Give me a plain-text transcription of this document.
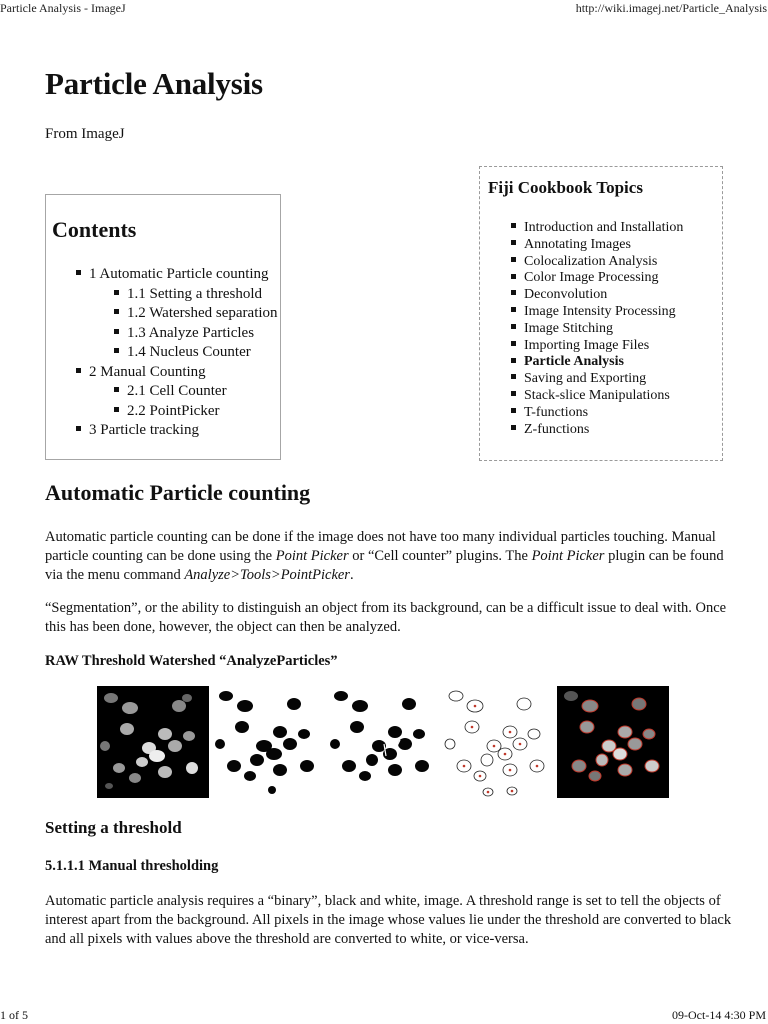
Particle Analysis - ImageJ	http://wiki.imagej.net/Particle_Analysis
Particle Analysis
From ImageJ
Contents
1 Automatic Particle counting
1.1 Setting a threshold
1.2 Watershed separation
1.3 Analyze Particles
1.4 Nucleus Counter
2 Manual Counting
2.1 Cell Counter
2.2 PointPicker
3 Particle tracking
Fiji Cookbook Topics
Introduction and Installation
Annotating Images
Colocalization Analysis
Color Image Processing
Deconvolution
Image Intensity Processing
Image Stitching
Importing Image Files
Particle Analysis
Saving and Exporting
Stack-slice Manipulations
T-functions
Z-functions
Automatic Particle counting
Automatic particle counting can be done if the image does not have too many individual particles touching. Manual particle counting can be done using the Point Picker or “Cell counter” plugins. The Point Picker plugin can be found via the menu command Analyze>Tools>PointPicker.
“Segmentation”, or the ability to distinguish an object from its background, can be a difficult issue to deal with. Once this has been done, however, the object can then be analyzed.
RAW Threshold Watershed “AnalyzeParticles”
Setting a threshold
5.1.1.1 Manual thresholding
Automatic particle analysis requires a “binary”, black and white, image. A threshold range is set to tell the objects of interest apart from the background. All pixels in the image whose values lie under the threshold are converted to black and all pixels with values above the threshold are converted to white, or vice-versa.
1 of 5	09-Oct-14 4:30 PM
